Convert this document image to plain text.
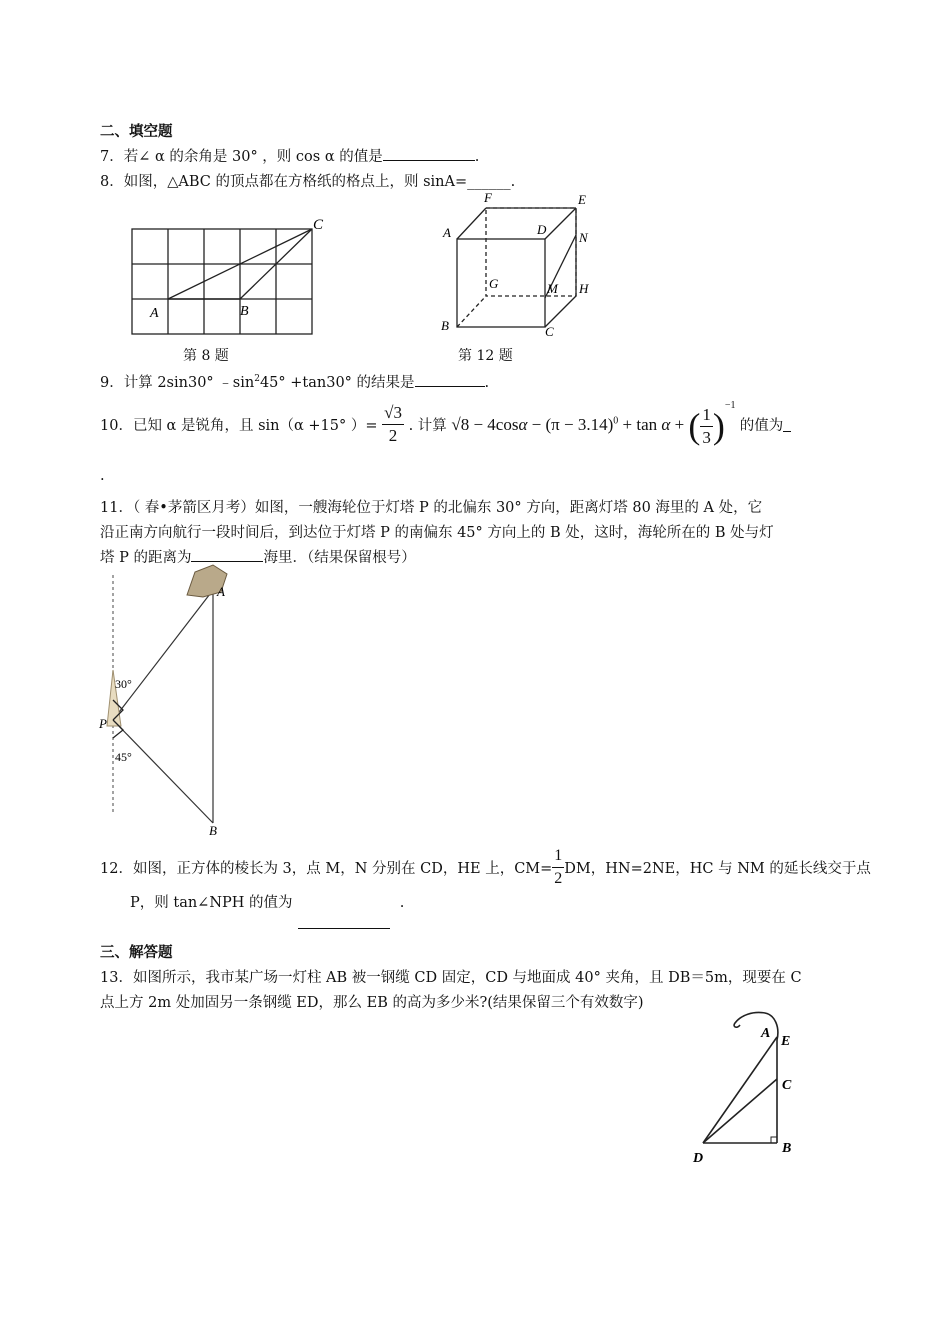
二、填空题
7．若∠ α 的余角是 30° ，则 cos α 的值是	.
8．如图，△ABC 的顶点都在方格纸的格点上，则 sinA=______.
A	B
C
第 8 题
A
B	C
D
E
F
G	H
M
N
第 12 题
9．计算 2sin30° $﹣\sin^245^\circ +\tan 30^\circ$ 的结果是	.
10．已知 α 是锐角，且 sin（α +15° ）= $\frac{√3}{2}$ . 计算 $√8 - 4\cos\alpha - (\pi - 3.14)^0 + \tan \alpha$ + ( $\frac{1}{3} )^{-1}$ 的值为
.
11．（ 春•茅箭区月考）如图，一艘海轮位于灯塔 P 的北偏东 30° 方向，距离灯塔 80 海里的 A 处，它
沿正南方向航行一段时间后，到达位于灯塔 P 的南偏东 45° 方向上的 B 处，这时，海轮所在的 B 处与灯
塔 P 的距离为	海里．（结果保留根号）
A
P
B
30°
45°
12．如图，正方体的棱长为 3，点 M，N 分别在 CD，HE 上，$CM= \frac{1}{2}$ DM，HN=2NE，HC 与 NM 的延长线交于点
P，则 tan∠NPH 的值为	.
三、解答题
13．如图所示，我市某广场一灯柱 AB 被一钢缆 CD 固定，CD 与地面成 40° 夹角，且 DB＝5m，现要在 C
点上方 2m 处加固另一条钢缆 ED，那么 EB 的高为多少米?(结果保留三个有效数字)
A
E
C
B
D
